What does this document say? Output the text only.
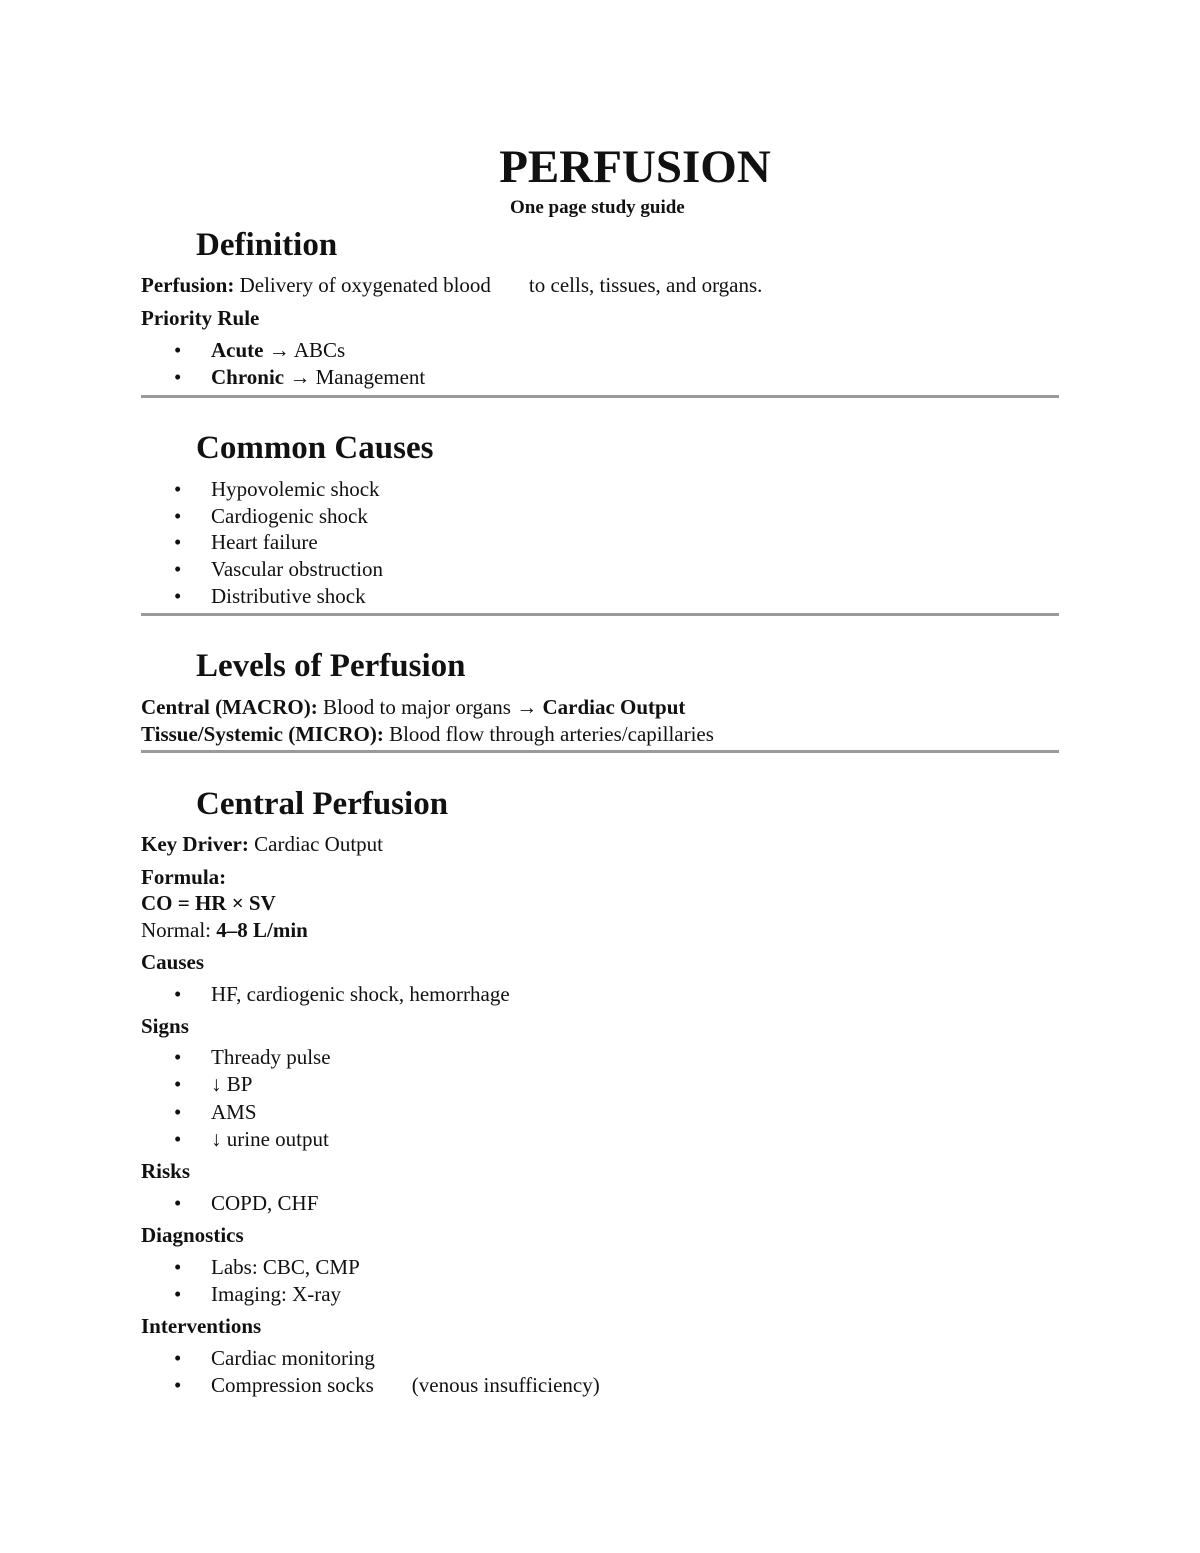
PERFUSION
One page study guide
Definition
Perfusion: Delivery of oxygenated blood to cells, tissues, and organs.
Priority Rule
• Acute → ABCs
• Chronic → Management
Common Causes
• Hypovolemic shock
• Cardiogenic shock
• Heart failure
• Vascular obstruction
• Distributive shock
Levels of Perfusion
Central (MACRO): Blood to major organs → Cardiac Output
Tissue/Systemic (MICRO): Blood flow through arteries/capillaries
Central Perfusion
Key Driver: Cardiac Output
Formula:
CO = HR × SV
Normal: 4–8 L/min
Causes
• HF, cardiogenic shock, hemorrhage
Signs
• Thready pulse
• ↓ BP
• AMS
• ↓ urine output
Risks
• COPD, CHF
Diagnostics
• Labs: CBC, CMP
• Imaging: X-ray
Interventions
• Cardiac monitoring
• Compression socks (venous insufficiency)
